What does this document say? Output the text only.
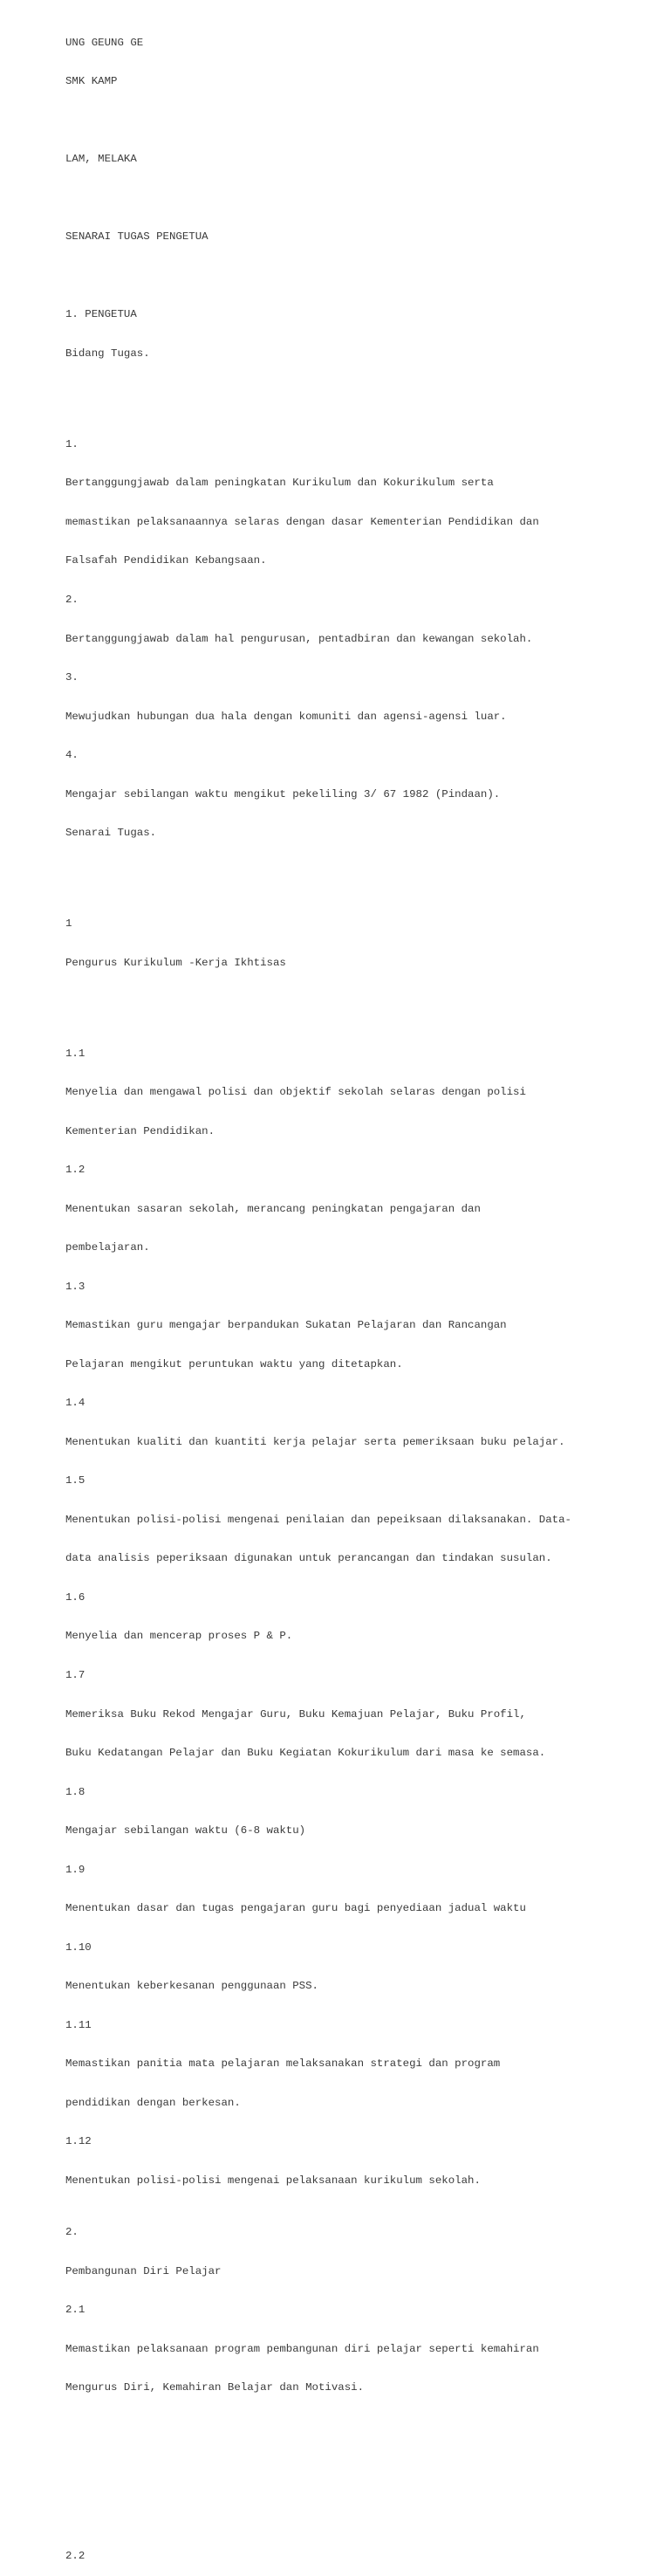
UNG GEUNG GE

SMK KAMP

LAM, MELAKA

SENARAI TUGAS PENGETUA

1. PENGETUA

Bidang Tugas.

1.

Bertanggungjawab dalam peningkatan Kurikulum dan Kokurikulum serta

memastikan pelaksanaannya selaras dengan dasar Kementerian Pendidikan dan

Falsafah Pendidikan Kebangsaan.

2.

Bertanggungjawab dalam hal pengurusan, pentadbiran dan kewangan sekolah.

3.

Mewujudkan hubungan dua hala dengan komuniti dan agensi-agensi luar.

4.

Mengajar sebilangan waktu mengikut pekeliling 3/ 67 1982 (Pindaan).

Senarai Tugas.

1

Pengurus Kurikulum -Kerja Ikhtisas

1.1

Menyelia dan mengawal polisi dan objektif sekolah selaras dengan polisi

Kementerian Pendidikan.

1.2

Menentukan sasaran sekolah, merancang peningkatan pengajaran dan

pembelajaran.

1.3

Memastikan guru mengajar berpandukan Sukatan Pelajaran dan Rancangan

Pelajaran mengikut peruntukan waktu yang ditetapkan.

1.4

Menentukan kualiti dan kuantiti kerja pelajar serta pemeriksaan buku pelajar.

1.5

Menentukan polisi-polisi mengenai penilaian dan pepeiksaan dilaksanakan. Data-

data analisis peperiksaan digunakan untuk perancangan dan tindakan susulan.

1.6

Menyelia dan mencerap proses P & P.

1.7

Memeriksa Buku Rekod Mengajar Guru, Buku Kemajuan Pelajar, Buku Profil,

Buku Kedatangan Pelajar dan Buku Kegiatan Kokurikulum dari masa ke semasa.

1.8

Mengajar sebilangan waktu (6-8 waktu)

1.9

Menentukan dasar dan tugas pengajaran guru bagi penyediaan jadual waktu

1.10

Menentukan keberkesanan penggunaan PSS.

1.11

Memastikan panitia mata pelajaran melaksanakan strategi dan program

pendidikan dengan berkesan.

1.12

Menentukan polisi-polisi mengenai pelaksanaan kurikulum sekolah.

2.

Pembangunan Diri Pelajar

2.1

Memastikan pelaksanaan program pembangunan diri pelajar seperti kemahiran

Mengurus Diri, Kemahiran Belajar dan Motivasi.

2.2
